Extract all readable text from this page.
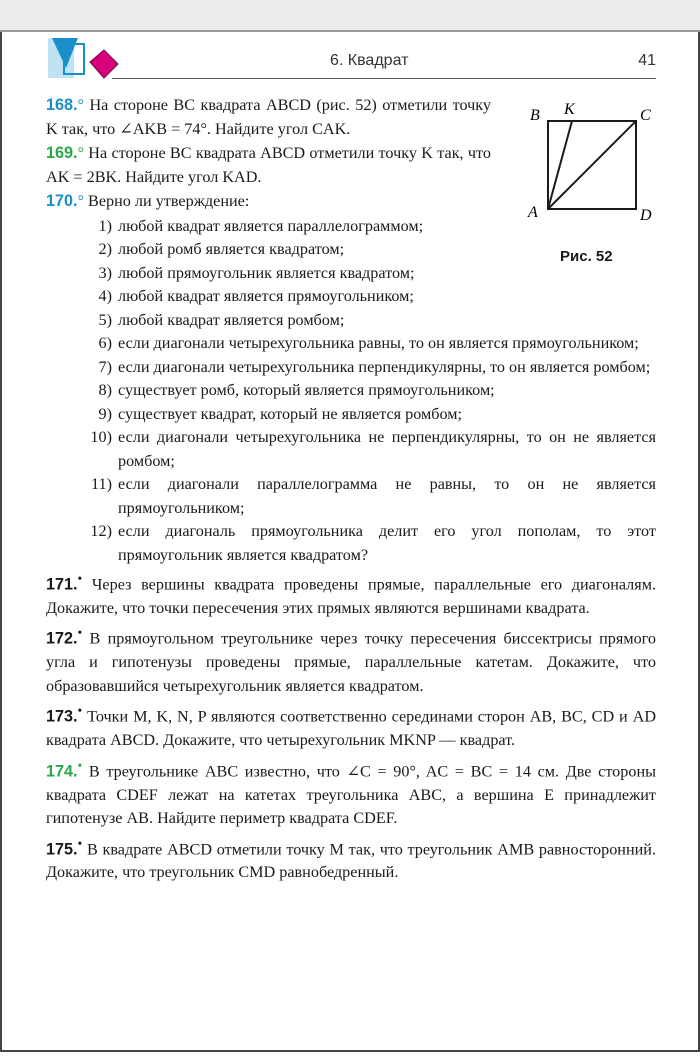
6. Квадрат	41
B K	C
A	D
Рис. 52

168.° На стороне BC квадрата ABCD (рис. 52) отметили точку K так, что ∠AKB = 74°. Найдите угол CAK.

169.° На стороне BC квадрата ABCD отметили точку K так, что AK = 2BK. Найдите угол KAD.

170.° Верно ли утверждение:

1) любой квадрат является параллелограммом;
2) любой ромб является квадратом;
3) любой прямоугольник является квадратом;
4) любой квадрат является прямоугольником;
5) любой квадрат является ромбом;
6) если диагонали четырехугольника равны, то он является прямоугольником;
7) если диагонали четырехугольника перпендикулярны, то он является ромбом;
8) существует ромб, который является прямоугольником;
9) существует квадрат, который не является ромбом;
10) если диагонали четырехугольника не перпендикулярны, то он не является ромбом;
11) если диагонали параллелограмма не равны, то он не является прямоугольником;
12) если диагональ прямоугольника делит его угол пополам, то этот прямоугольник является квадратом?

171.• Через вершины квадрата проведены прямые, параллельные его диагоналям. Докажите, что точки пересечения этих прямых являются вершинами квадрата.

172.• В прямоугольном треугольнике через точку пересечения биссектрисы прямого угла и гипотенузы проведены прямые, параллельные катетам. Докажите, что образовавшийся четырехугольник является квадратом.

173.• Точки M, K, N, P являются соответственно серединами сторон AB, BC, CD и AD квадрата ABCD. Докажите, что четырехугольник MKNP — квадрат.

174.• В треугольнике ABC известно, что ∠C = 90°, AC = BC = 14 см. Две стороны квадрата CDEF лежат на катетах треугольника ABC, а вершина E принадлежит гипотенузе AB. Найдите периметр квадрата CDEF.

175.• В квадрате ABCD отметили точку M так, что треугольник AMB равносторонний. Докажите, что треугольник CMD равнобедренный.
